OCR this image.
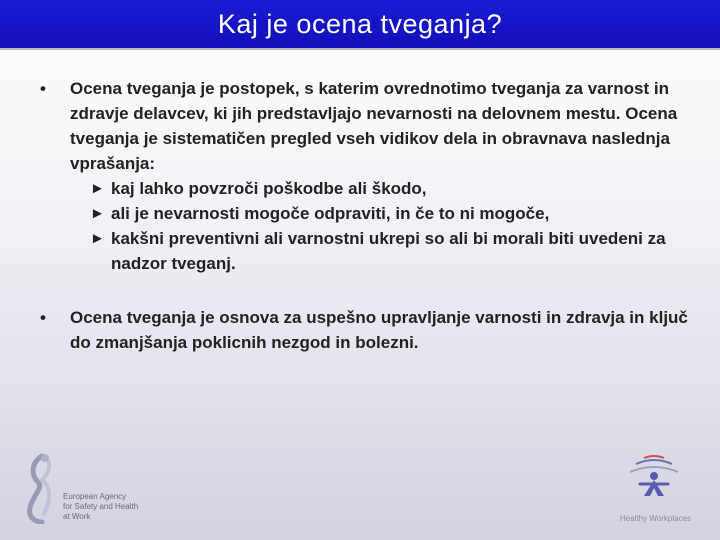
Kaj je ocena tveganja?
• Ocena tveganja je postopek, s katerim ovrednotimo tveganja za varnost in zdravje delavcev, ki jih predstavljajo nevarnosti na delovnem mestu. Ocena tveganja je sistematičen pregled vseh vidikov dela in obravnava naslednja vprašanja:
► kaj lahko povzroči poškodbe ali škodo,
► ali je nevarnosti mogoče odpraviti, in če to ni mogoče,
► kakšni preventivni ali varnostni ukrepi so ali bi morali biti uvedeni za nadzor tveganj.
• Ocena tveganja je osnova za uspešno upravljanje varnosti in zdravja in ključ do zmanjšanja poklicnih nezgod in bolezni.
European Agency
for Safety and Health
at Work	Healthy Workplaces
